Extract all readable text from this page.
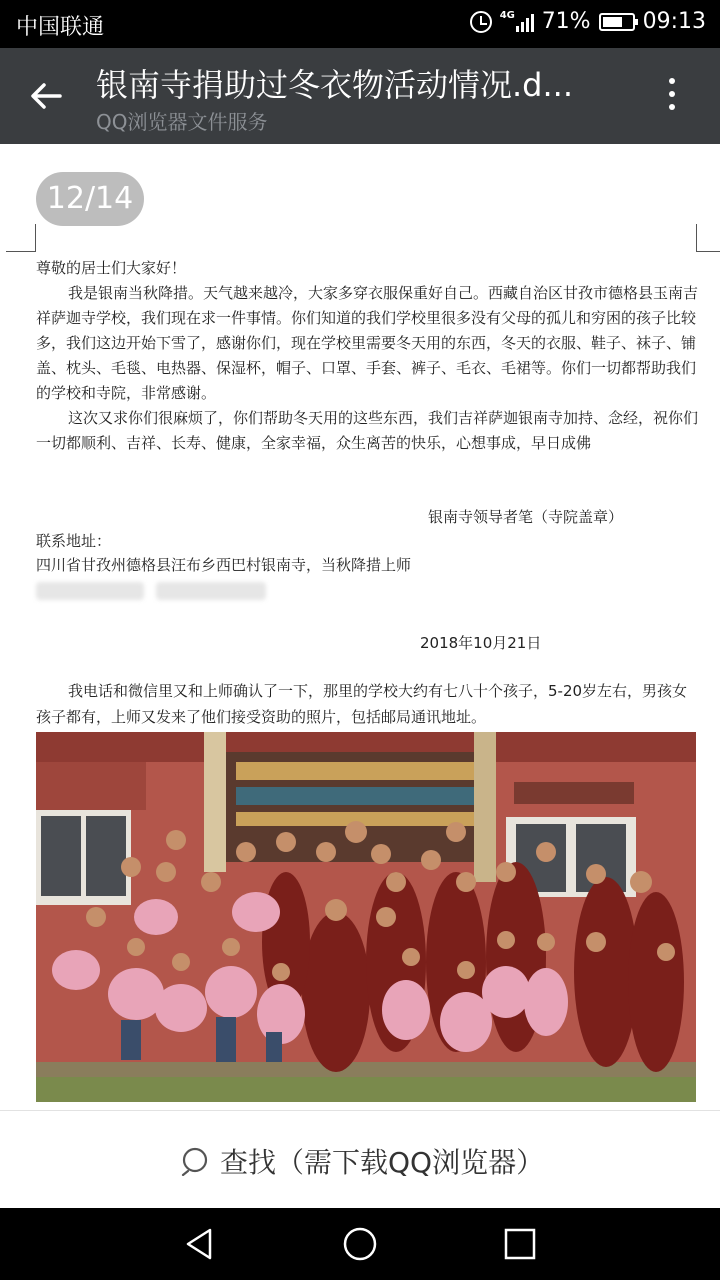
中国联通	4G 71% 09:13
银南寺捐助过冬衣物活动情况.d...
QQ浏览器文件服务
12/14

尊敬的居士们大家好！

我是银南当秋降措。天气越来越冷，大家多穿衣服保重好自己。西藏自治区甘孜市德格县玉南吉祥萨迦寺学校，我们现在求一件事情。你们知道的我们学校里很多没有父母的孤儿和穷困的孩子比较多，我们这边开始下雪了，感谢你们，现在学校里需要冬天用的东西，冬天的衣服、鞋子、袜子、铺盖、枕头、毛毯、电热器、保湿杯，帽子、口罩、手套、裤子、毛衣、毛裙等。你们一切都帮助我们的学校和寺院，非常感谢。

这次又求你们很麻烦了，你们帮助冬天用的这些东西，我们吉祥萨迦银南寺加持、念经，祝你们一切都顺利、吉祥、长寿、健康，全家幸福，众生离苦的快乐，心想事成，早日成佛

银南寺领导者笔（寺院盖章）
联系地址：
四川省甘孜州德格县汪布乡西巴村银南寺，当秋降措上师
2018年10月21日
我电话和微信里又和上师确认了一下，那里的学校大约有七八十个孩子，5-20岁左右，男孩女孩子都有，上师又发来了他们接受资助的照片，包括邮局通讯地址。
查找（需下载QQ浏览器）
